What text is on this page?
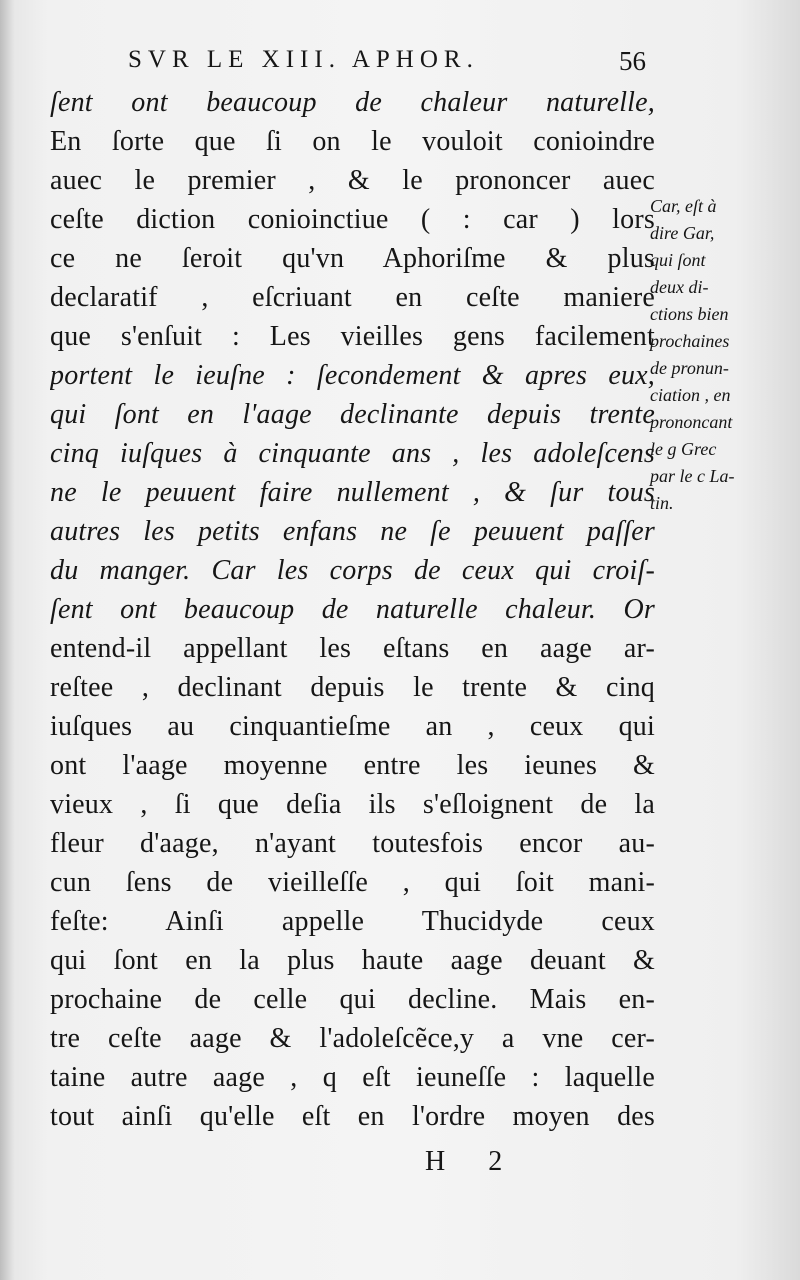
SVR LE XIII. APHOR.	56
ſent ont beaucoup de chaleur naturelle,
En ſorte que ſi on le vouloit conioindre
auec le premier , & le prononcer auec
ceſte diction conioinctiue ( : car ) lors
ce ne ſeroit qu'vn Aphoriſme & plus
declaratif , eſcriuant en ceſte maniere
que s'enſuit : Les vieilles gens facilement
portent le ieuſne : ſecondement & apres eux,
qui ſont en l'aage declinante depuis trente
cinq iuſques à cinquante ans , les adoleſcens
ne le peuuent faire nullement , & ſur tous
autres les petits enfans ne ſe peuuent paſſer
du manger. Car les corps de ceux qui croiſ-
ſent ont beaucoup de naturelle chaleur. Or
entend-il appellant les eſtans en aage ar-
reſtee , declinant depuis le trente & cinq
iuſques au cinquantieſme an , ceux qui
ont l'aage moyenne entre les ieunes &
vieux , ſi que deſia ils s'eſloignent de la
fleur d'aage, n'ayant toutesfois encor au-
cun ſens de vieilleſſe , qui ſoit mani-
feſte: Ainſi appelle Thucidyde ceux
qui ſont en la plus haute aage deuant &
prochaine de celle qui decline. Mais en-
tre ceſte aage & l'adoleſcẽce,y a vne cer-
taine autre aage , q eſt ieuneſſe : laquelle
tout ainſi qu'elle eſt en l'ordre moyen des
Car, eſt à
dire Gar,
qui ſont
deux di-
ctions bien
prochaines
de pronun-
ciation , en
prononcant
le g Grec
par le c La-
tin.
H 2
